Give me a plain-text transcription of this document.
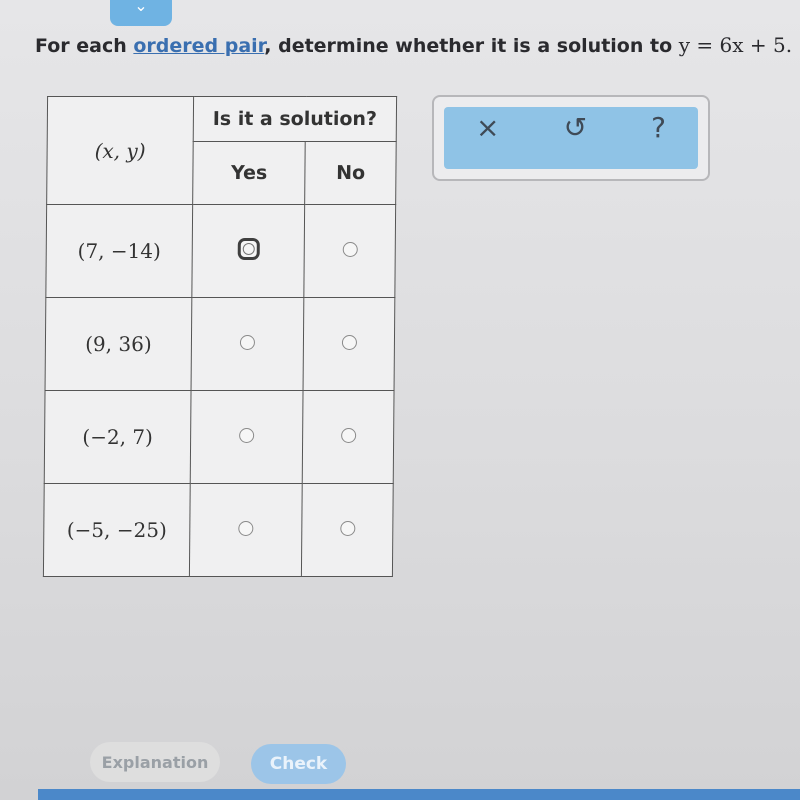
⌄
For each ordered pair, determine whether it is a solution to y = 6x + 5.
(x, y)	Is it a solution?	
	Yes	No
(7, −14)		
(9, 36)		
(−2, 7)		
(−5, −25)		
× ↺ ?
Explanation	Check
